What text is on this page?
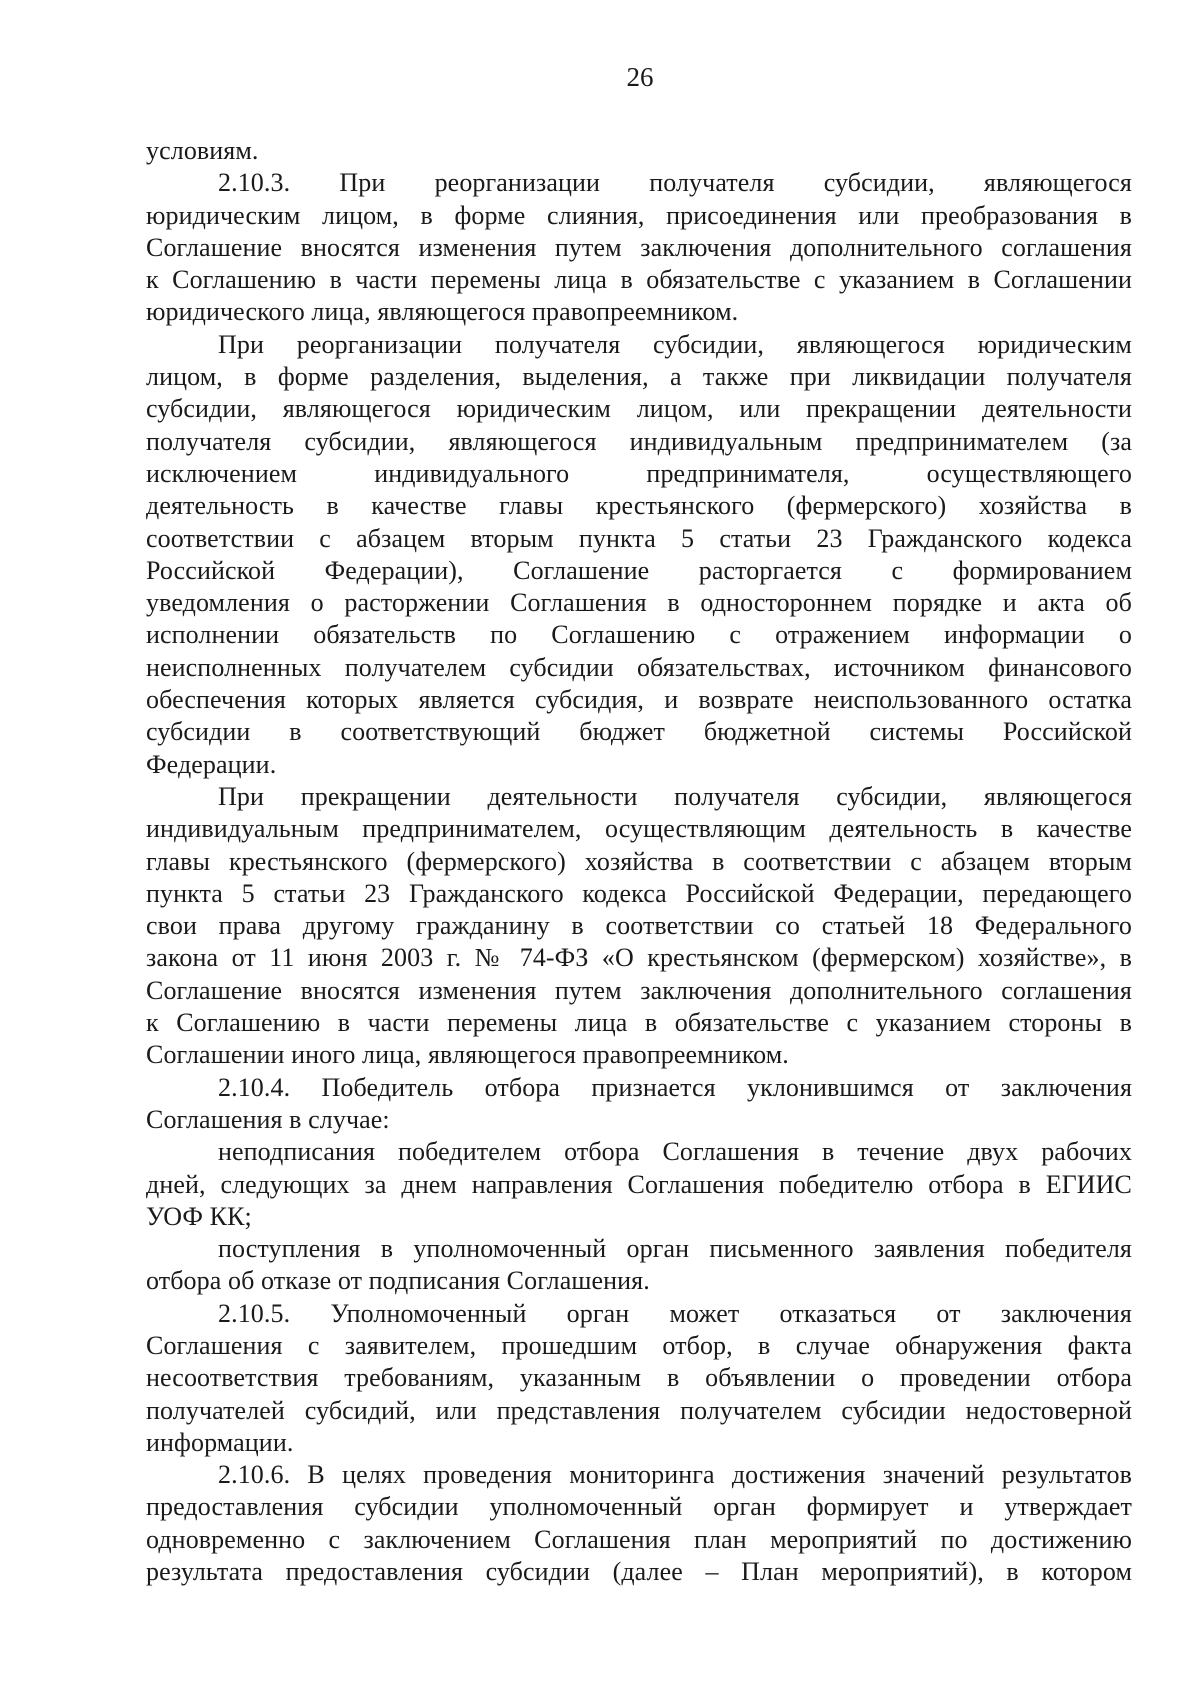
26
условиям.
2.10.3. При реорганизации получателя субсидии, являющегося
юридическим лицом, в форме слияния, присоединения или преобразования в
Соглашение вносятся изменения путем заключения дополнительного соглашения
к Соглашению в части перемены лица в обязательстве с указанием в Соглашении
юридического лица, являющегося правопреемником.
При реорганизации получателя субсидии, являющегося юридическим
лицом, в форме разделения, выделения, а также при ликвидации получателя
субсидии, являющегося юридическим лицом, или прекращении деятельности
получателя субсидии, являющегося индивидуальным предпринимателем (за
исключением индивидуального предпринимателя, осуществляющего
деятельность в качестве главы крестьянского (фермерского) хозяйства в
соответствии с абзацем вторым пункта 5 статьи 23 Гражданского кодекса
Российской Федерации), Соглашение расторгается с формированием
уведомления о расторжении Соглашения в одностороннем порядке и акта об
исполнении обязательств по Соглашению с отражением информации о
неисполненных получателем субсидии обязательствах, источником финансового
обеспечения которых является субсидия, и возврате неиспользованного остатка
субсидии в соответствующий бюджет бюджетной системы Российской
Федерации.
При прекращении деятельности получателя субсидии, являющегося
индивидуальным предпринимателем, осуществляющим деятельность в качестве
главы крестьянского (фермерского) хозяйства в соответствии с абзацем вторым
пункта 5 статьи 23 Гражданского кодекса Российской Федерации, передающего
свои права другому гражданину в соответствии со статьей 18 Федерального
закона от 11 июня 2003 г. № 74-ФЗ «О крестьянском (фермерском) хозяйстве», в
Соглашение вносятся изменения путем заключения дополнительного соглашения
к Соглашению в части перемены лица в обязательстве с указанием стороны в
Соглашении иного лица, являющегося правопреемником.
2.10.4. Победитель отбора признается уклонившимся от заключения
Соглашения в случае:
неподписания победителем отбора Соглашения в течение двух рабочих
дней, следующих за днем направления Соглашения победителю отбора в ЕГИИС
УОФ КК;
поступления в уполномоченный орган письменного заявления победителя
отбора об отказе от подписания Соглашения.
2.10.5. Уполномоченный орган может отказаться от заключения
Соглашения с заявителем, прошедшим отбор, в случае обнаружения факта
несоответствия требованиям, указанным в объявлении о проведении отбора
получателей субсидий, или представления получателем субсидии недостоверной
информации.
2.10.6. В целях проведения мониторинга достижения значений результатов
предоставления субсидии уполномоченный орган формирует и утверждает
одновременно с заключением Соглашения план мероприятий по достижению
результата предоставления субсидии (далее – План мероприятий), в котором
